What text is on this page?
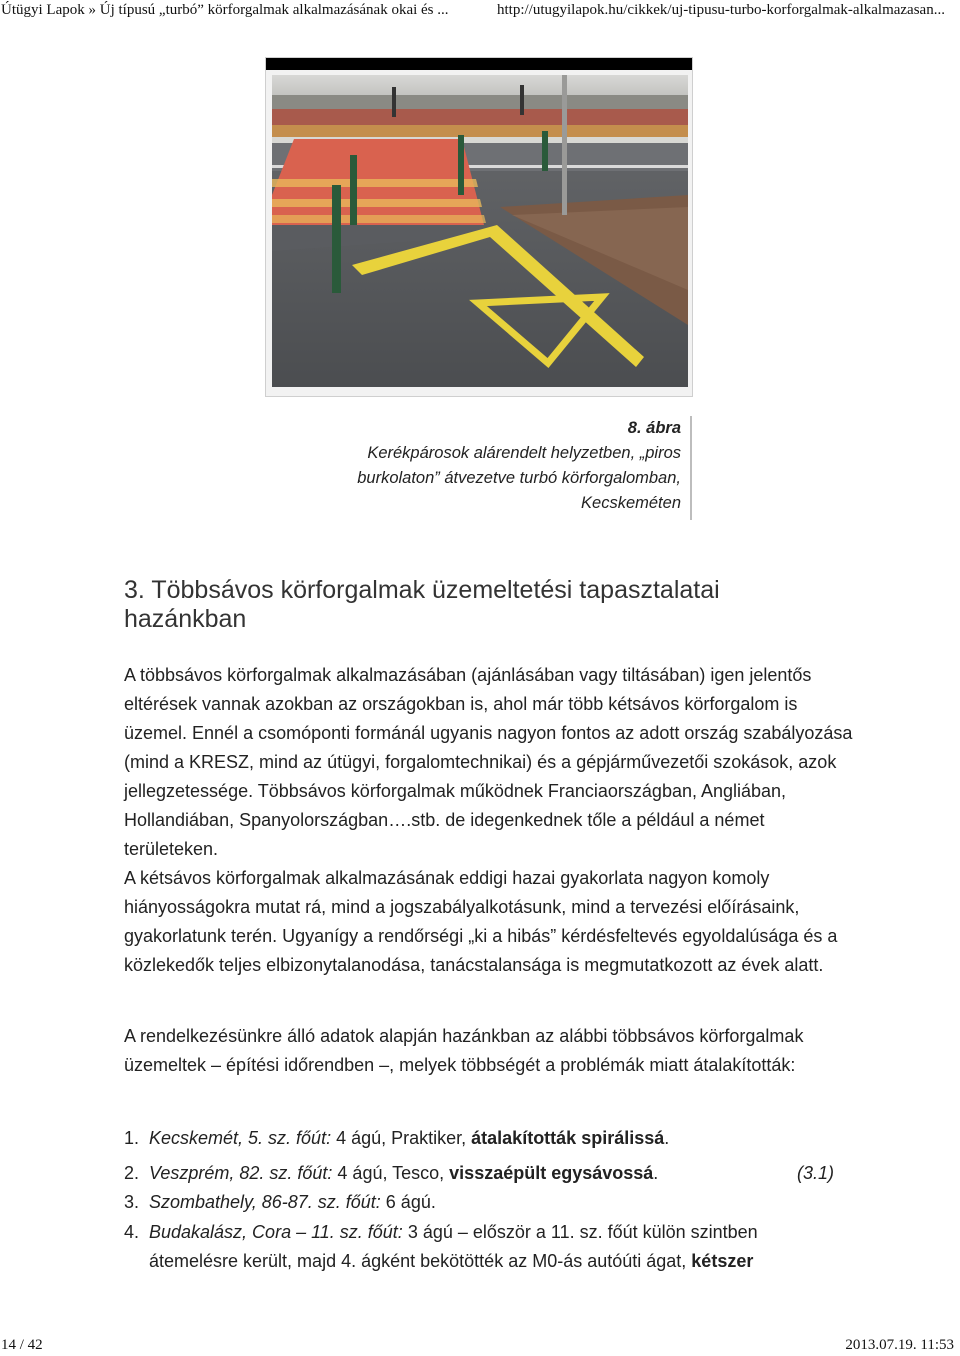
Útügyi Lapok » Új típusú „turbó” körforgalmak alkalmazásának okai és ...	http://utugyilapok.hu/cikkek/uj-tipusu-turbo-korforgalmak-alkalmazasan...
8. ábra
Kerékpárosok alárendelt helyzetben, „piros burkolaton” átvezetve turbó körforgalomban, Kecskeméten
3. Többsávos körforgalmak üzemeltetési tapasztalatai hazánkban
A többsávos körforgalmak alkalmazásában (ajánlásában vagy tiltásában) igen jelentős eltérések vannak azokban az országokban is, ahol már több kétsávos körforgalom is üzemel. Ennél a csomóponti formánál ugyanis nagyon fontos az adott ország szabályozása (mind a KRESZ, mind az útügyi, forgalomtechnikai) és a gépjárművezetői szokások, azok jellegzetessége. Többsávos körforgalmak működnek Franciaországban, Angliában, Hollandiában, Spanyolországban….stb. de idegenkednek tőle a például a német területeken.
A kétsávos körforgalmak alkalmazásának eddigi hazai gyakorlata nagyon komoly hiányosságokra mutat rá, mind a jogszabályalkotásunk, mind a tervezési előírásaink, gyakorlatunk terén. Ugyanígy a rendőrségi „ki a hibás” kérdésfeltevés egyoldalúsága és a közlekedők teljes elbizonytalanodása, tanácstalansága is megmutatkozott az évek alatt.
A rendelkezésünkre álló adatok alapján hazánkban az alábbi többsávos körforgalmak üzemeltek – építési időrendben –, melyek többségét a problémák miatt átalakították:
1. Kecskemét, 5. sz. főút: 4 ágú, Praktiker, átalakították spirálissá.
2. Veszprém, 82. sz. főút: 4 ágú, Tesco, visszaépült egysávossá.
3. Szombathely, 86-87. sz. főút: 6 ágú.
4. Budakalász, Cora – 11. sz. főút: 3 ágú – először a 11. sz. főút külön szintben átemelésre került, majd 4. ágként bekötötték az M0-ás autóúti ágat, kétszer
(3.1)
14 / 42	2013.07.19. 11:53
